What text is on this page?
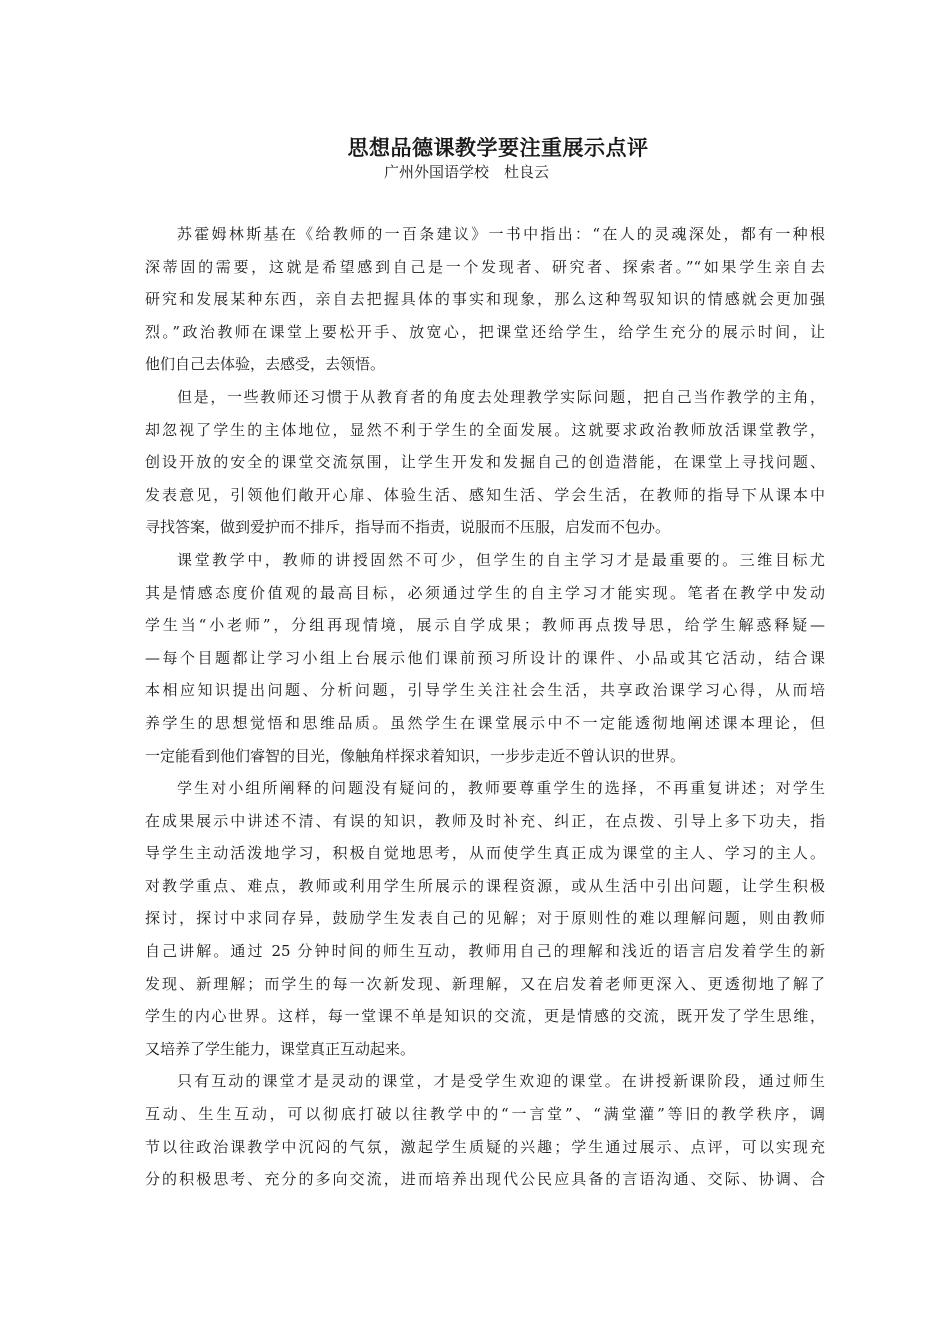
思想品德课教学要注重展示点评
广州外国语学校　杜良云
苏霍姆林斯基在《给教师的一百条建议》一书中指出：“在人的灵魂深处，都有一种根
深蒂固的需要，这就是希望感到自己是一个发现者、研究者、探索者。”“如果学生亲自去
研究和发展某种东西，亲自去把握具体的事实和现象，那么这种驾驭知识的情感就会更加强
烈。”政治教师在课堂上要松开手、放宽心，把课堂还给学生，给学生充分的展示时间，让
他们自己去体验，去感受，去领悟。
但是，一些教师还习惯于从教育者的角度去处理教学实际问题，把自己当作教学的主角，
却忽视了学生的主体地位，显然不利于学生的全面发展。这就要求政治教师放活课堂教学，
创设开放的安全的课堂交流氛围，让学生开发和发掘自己的创造潜能，在课堂上寻找问题、
发表意见，引领他们敞开心扉、体验生活、感知生活、学会生活，在教师的指导下从课本中
寻找答案，做到爱护而不排斥，指导而不指责，说服而不压服，启发而不包办。
课堂教学中，教师的讲授固然不可少，但学生的自主学习才是最重要的。三维目标尤
其是情感态度价值观的最高目标，必须通过学生的自主学习才能实现。笔者在教学中发动
学生当“小老师”，分组再现情境，展示自学成果；教师再点拨导思，给学生解惑释疑—
—每个目题都让学习小组上台展示他们课前预习所设计的课件、小品或其它活动，结合课
本相应知识提出问题、分析问题，引导学生关注社会生活，共享政治课学习心得，从而培
养学生的思想觉悟和思维品质。虽然学生在课堂展示中不一定能透彻地阐述课本理论，但
一定能看到他们睿智的目光，像触角样探求着知识，一步步走近不曾认识的世界。
学生对小组所阐释的问题没有疑问的，教师要尊重学生的选择，不再重复讲述；对学生
在成果展示中讲述不清、有误的知识，教师及时补充、纠正，在点拨、引导上多下功夫，指
导学生主动活泼地学习，积极自觉地思考，从而使学生真正成为课堂的主人、学习的主人。
对教学重点、难点，教师或利用学生所展示的课程资源，或从生活中引出问题，让学生积极
探讨，探讨中求同存异，鼓励学生发表自己的见解；对于原则性的难以理解问题，则由教师
自己讲解。通过 25 分钟时间的师生互动，教师用自己的理解和浅近的语言启发着学生的新
发现、新理解；而学生的每一次新发现、新理解，又在启发着老师更深入、更透彻地了解了
学生的内心世界。这样，每一堂课不单是知识的交流，更是情感的交流，既开发了学生思维，
又培养了学生能力，课堂真正互动起来。
只有互动的课堂才是灵动的课堂，才是受学生欢迎的课堂。在讲授新课阶段，通过师生
互动、生生互动，可以彻底打破以往教学中的“一言堂”、“满堂灌”等旧的教学秩序，调
节以往政治课教学中沉闷的气氛，激起学生质疑的兴趣；学生通过展示、点评，可以实现充
分的积极思考、充分的多向交流，进而培养出现代公民应具备的言语沟通、交际、协调、合
